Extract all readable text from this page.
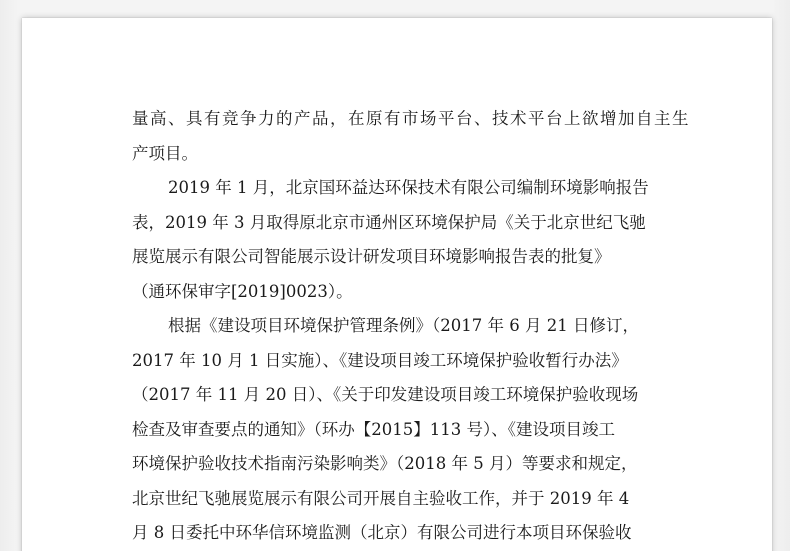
量高、具有竞争力的产品，在原有市场平台、技术平台上欲增加自主生
产项目。
2019 年 1 月，北京国环益达环保技术有限公司编制环境影响报告
表，2019 年 3 月取得原北京市通州区环境保护局《关于北京世纪飞驰
展览展示有限公司智能展示设计研发项目环境影响报告表的批复》
（通环保审字[2019]0023）。
根据《建设项目环境保护管理条例》（2017 年 6 月 21 日修订，
2017 年 10 月 1 日实施）、《建设项目竣工环境保护验收暂行办法》
（2017 年 11 月 20 日）、《关于印发建设项目竣工环境保护验收现场
检查及审查要点的通知》（环办【2015】113 号）、《建设项目竣工
环境保护验收技术指南污染影响类》（2018 年 5 月）等要求和规定，
北京世纪飞驰展览展示有限公司开展自主验收工作，并于 2019 年 4
月 8 日委托中环华信环境监测（北京）有限公司进行本项目环保验收
